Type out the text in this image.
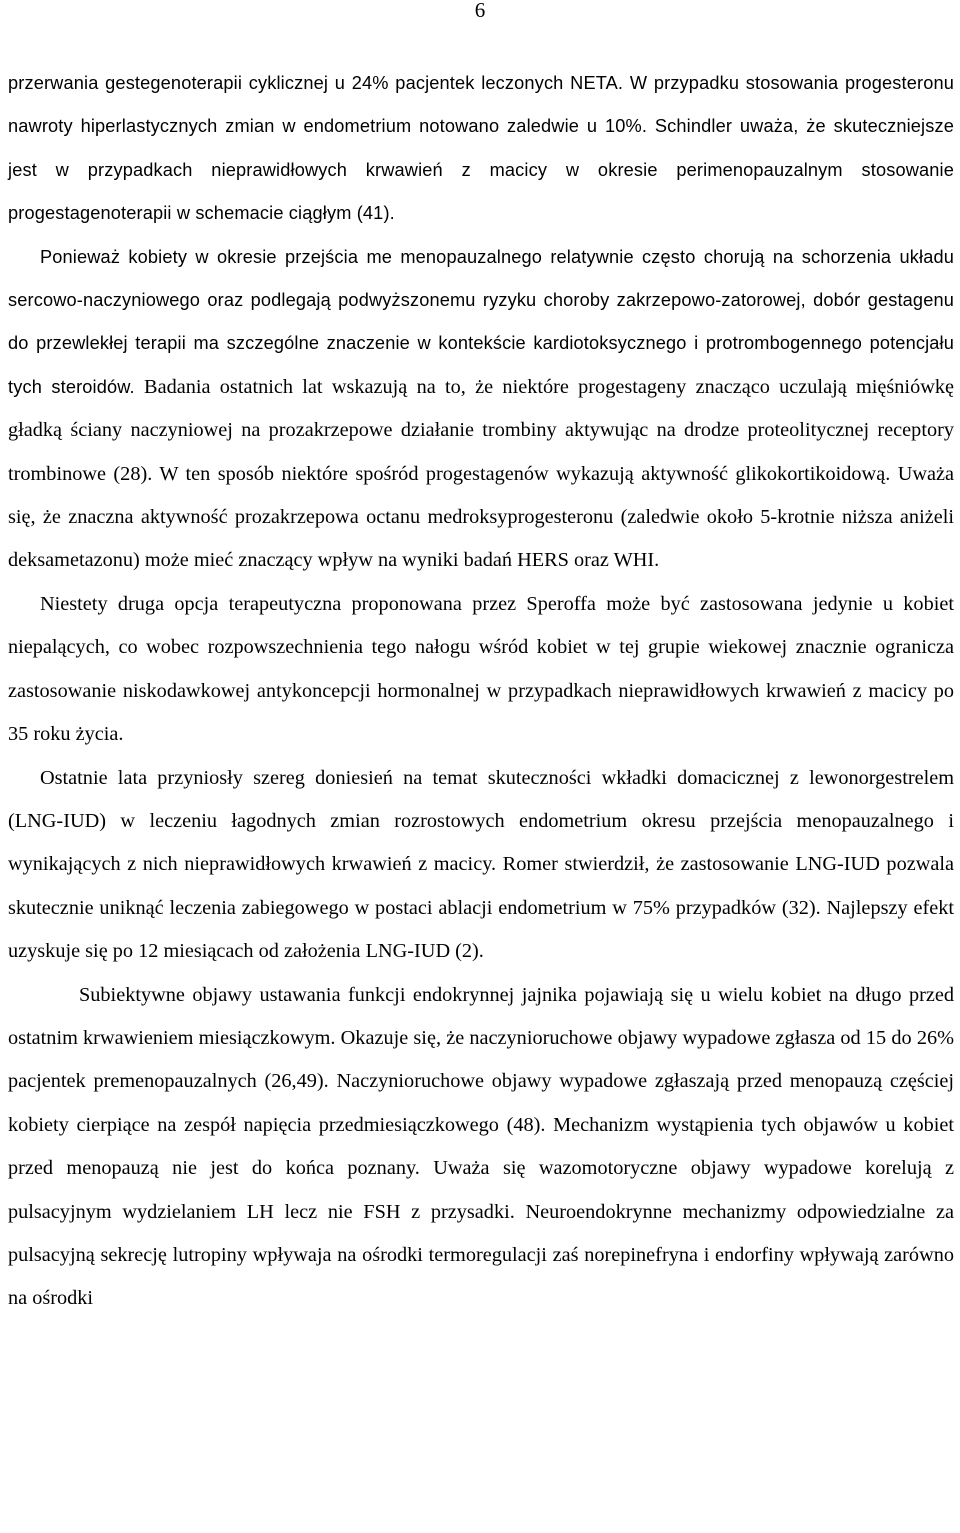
6

przerwania gestegenoterapii cyklicznej u 24% pacjentek leczonych NETA. W przypadku stosowania progesteronu nawroty hiperlastycznych zmian w endometrium notowano zaledwie u 10%. Schindler uważa, że skuteczniejsze jest w przypadkach nieprawidłowych krwawień z macicy w okresie perimenopauzalnym stosowanie progestagenoterapii w schemacie ciągłym (41).

Ponieważ kobiety w okresie przejścia me menopauzalnego relatywnie często chorują na schorzenia układu sercowo-naczyniowego oraz podlegają podwyższonemu ryzyku choroby zakrzepowo-zatorowej, dobór gestagenu do przewlekłej terapii ma szczególne znaczenie w kontekście kardiotoksycznego i protrombogennego potencjału tych steroidów. Badania ostatnich lat wskazują na to, że niektóre progestageny znacząco uczulają mięśniówkę gładką ściany naczyniowej na prozakrzepowe działanie trombiny aktywując na drodze proteolitycznej receptory trombinowe (28). W ten sposób niektóre spośród progestagenów wykazują aktywność glikokortikoidową. Uważa się, że znaczna aktywność prozakrzepowa octanu medroksyprogesteronu (zaledwie około 5-krotnie niższa aniżeli deksametazonu) może mieć znaczący wpływ na wyniki badań HERS oraz WHI.

Niestety druga opcja terapeutyczna proponowana przez Speroffa może być zastosowana jedynie u kobiet niepalących, co wobec rozpowszechnienia tego nałogu wśród kobiet w tej grupie wiekowej znacznie ogranicza zastosowanie niskodawkowej antykoncepcji hormonalnej w przypadkach nieprawidłowych krwawień z macicy po 35 roku życia.

Ostatnie lata przyniosły szereg doniesień na temat skuteczności wkładki domacicznej z lewonorgestrelem (LNG-IUD) w leczeniu łagodnych zmian rozrostowych endometrium okresu przejścia menopauzalnego i wynikających z nich nieprawidłowych krwawień z macicy. Romer stwierdził, że zastosowanie LNG-IUD pozwala skutecznie uniknąć leczenia zabiegowego w postaci ablacji endometrium w 75% przypadków (32). Najlepszy efekt uzyskuje się po 12 miesiącach od założenia LNG-IUD (2).

Subiektywne objawy ustawania funkcji endokrynnej jajnika pojawiają się u wielu kobiet na długo przed ostatnim krwawieniem miesiączkowym. Okazuje się, że naczynioruchowe objawy wypadowe zgłasza od 15 do 26% pacjentek premenopauzalnych (26,49). Naczynioruchowe objawy wypadowe zgłaszają przed menopauzą częściej kobiety cierpiące na zespół napięcia przedmiesiączkowego (48). Mechanizm wystąpienia tych objawów u kobiet przed menopauzą nie jest do końca poznany. Uważa się wazomotoryczne objawy wypadowe korelują z pulsacyjnym wydzielaniem LH lecz nie FSH z przysadki. Neuroendokrynne mechanizmy odpowiedzialne za pulsacyjną sekrecję lutropiny wpływaja na ośrodki termoregulacji zaś norepinefryna i endorfiny wpływają zarówno na ośrodki
